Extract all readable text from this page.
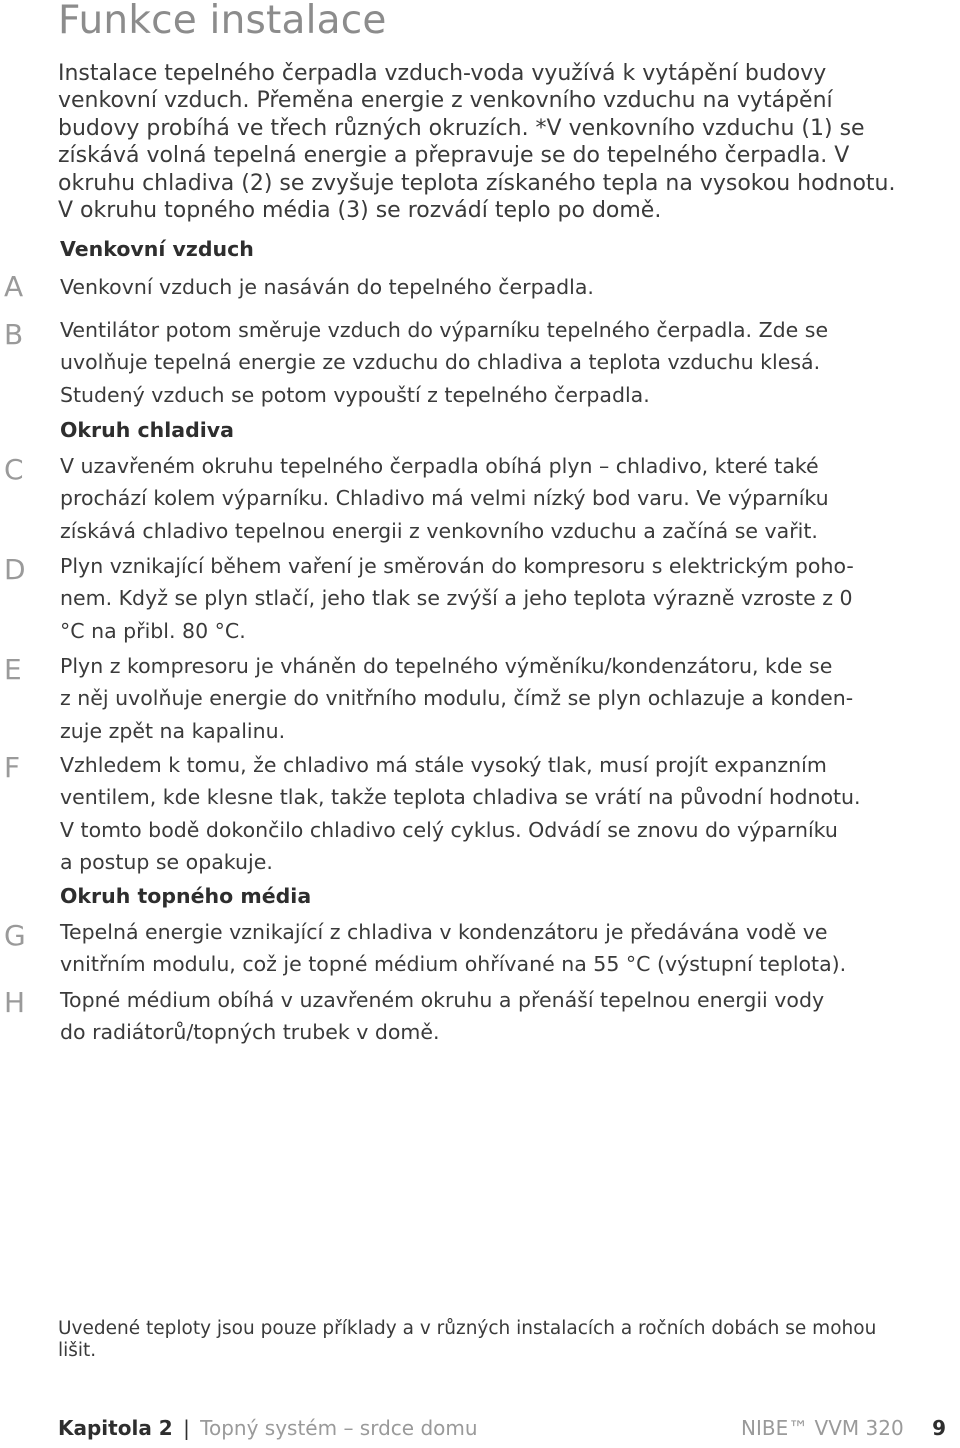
Funkce instalace
Instalace tepelného čerpadla vzduch-voda využívá k vytápění budovy
venkovní vzduch. Přeměna energie z venkovního vzduchu na vytápění
budovy probíhá ve třech různých okruzích. *V venkovního vzduchu (1) se
získává volná tepelná energie a přepravuje se do tepelného čerpadla. V
okruhu chladiva (2) se zvyšuje teplota získaného tepla na vysokou hodnotu.
V okruhu topného média (3) se rozvádí teplo po domě.
Venkovní vzduch
A Venkovní vzduch je nasáván do tepelného čerpadla.
B Ventilátor potom směruje vzduch do výparníku tepelného čerpadla. Zde se
uvolňuje tepelná energie ze vzduchu do chladiva a teplota vzduchu klesá.
Studený vzduch se potom vypouští z tepelného čerpadla.
Okruh chladiva
C V uzavřeném okruhu tepelného čerpadla obíhá plyn – chladivo, které také
prochází kolem výparníku. Chladivo má velmi nízký bod varu. Ve výparníku
získává chladivo tepelnou energii z venkovního vzduchu a začíná se vařit.
D Plyn vznikající během vaření je směrován do kompresoru s elektrickým poho-
nem. Když se plyn stlačí, jeho tlak se zvýší a jeho teplota výrazně vzroste z 0
°C na přibl. 80 °C.
E Plyn z kompresoru je vháněn do tepelného výměníku/kondenzátoru, kde se
z něj uvolňuje energie do vnitřního modulu, čímž se plyn ochlazuje a konden-
zuje zpět na kapalinu.
F Vzhledem k tomu, že chladivo má stále vysoký tlak, musí projít expanzním
ventilem, kde klesne tlak, takže teplota chladiva se vrátí na původní hodnotu.
V tomto bodě dokončilo chladivo celý cyklus. Odvádí se znovu do výparníku
a postup se opakuje.
Okruh topného média
G Tepelná energie vznikající z chladiva v kondenzátoru je předávána vodě ve
vnitřním modulu, což je topné médium ohřívané na 55 °C (výstupní teplota).
H Topné médium obíhá v uzavřeném okruhu a přenáší tepelnou energii vody
do radiátorů/topných trubek v domě.
Uvedené teploty jsou pouze příklady a v různých instalacích a ročních dobách se mohou
lišit.
Kapitola 2 | Topný systém – srdce domu	NIBE™ VVM 320 9
